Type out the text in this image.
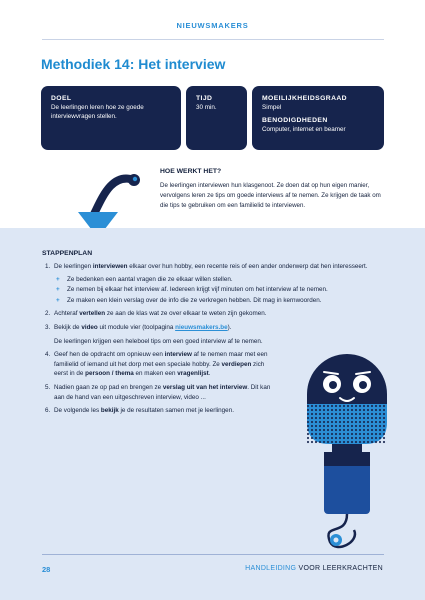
NIEUWSMAKERS
Methodiek 14: Het interview
DOEL
De leerlingen leren hoe ze goede interviewvragen stellen.
TIJD
30 min.
MOEILIJKHEIDSGRAAD
Simpel
BENODIGDHEDEN
Computer, internet en beamer
HOE WERKT HET?
De leerlingen interviewen hun klasgenoot. Ze doen dat op hun eigen manier, vervolgens leren ze tips om goede interviews af te nemen. Ze krijgen de taak om die tips te gebruiken om een familielid te interviewen.
STAPPENPLAN
1. De leerlingen interviewen elkaar over hun hobby, een recente reis of een ander onderwerp dat hen interesseert.
+ Ze bedenken een aantal vragen die ze elkaar willen stellen.
+ Ze nemen bij elkaar het interview af. Iedereen krijgt vijf minuten om het interview af te nemen.
+ Ze maken een klein verslag over de info die ze verkregen hebben. Dit mag in kernwoorden.
2. Achteraf vertellen ze aan de klas wat ze over elkaar te weten zijn gekomen.
3. Bekijk de video uit module vier (toolpagina nieuwsmakers.be).
De leerlingen krijgen een heleboel tips om een goed interview af te nemen.
4. Geef hen de opdracht om opnieuw een interview af te nemen maar met een familielid of iemand uit het dorp met een speciale hobby. Ze verdiepen zich eerst in de persoon / thema en maken een vragenlijst.
5. Nadien gaan ze op pad en brengen ze verslag uit van het interview. Dit kan aan de hand van een uitgeschreven interview, video ...
6. De volgende les bekijk je de resultaten samen met je leerlingen.
28	HANDLEIDING VOOR LEERKRACHTEN
